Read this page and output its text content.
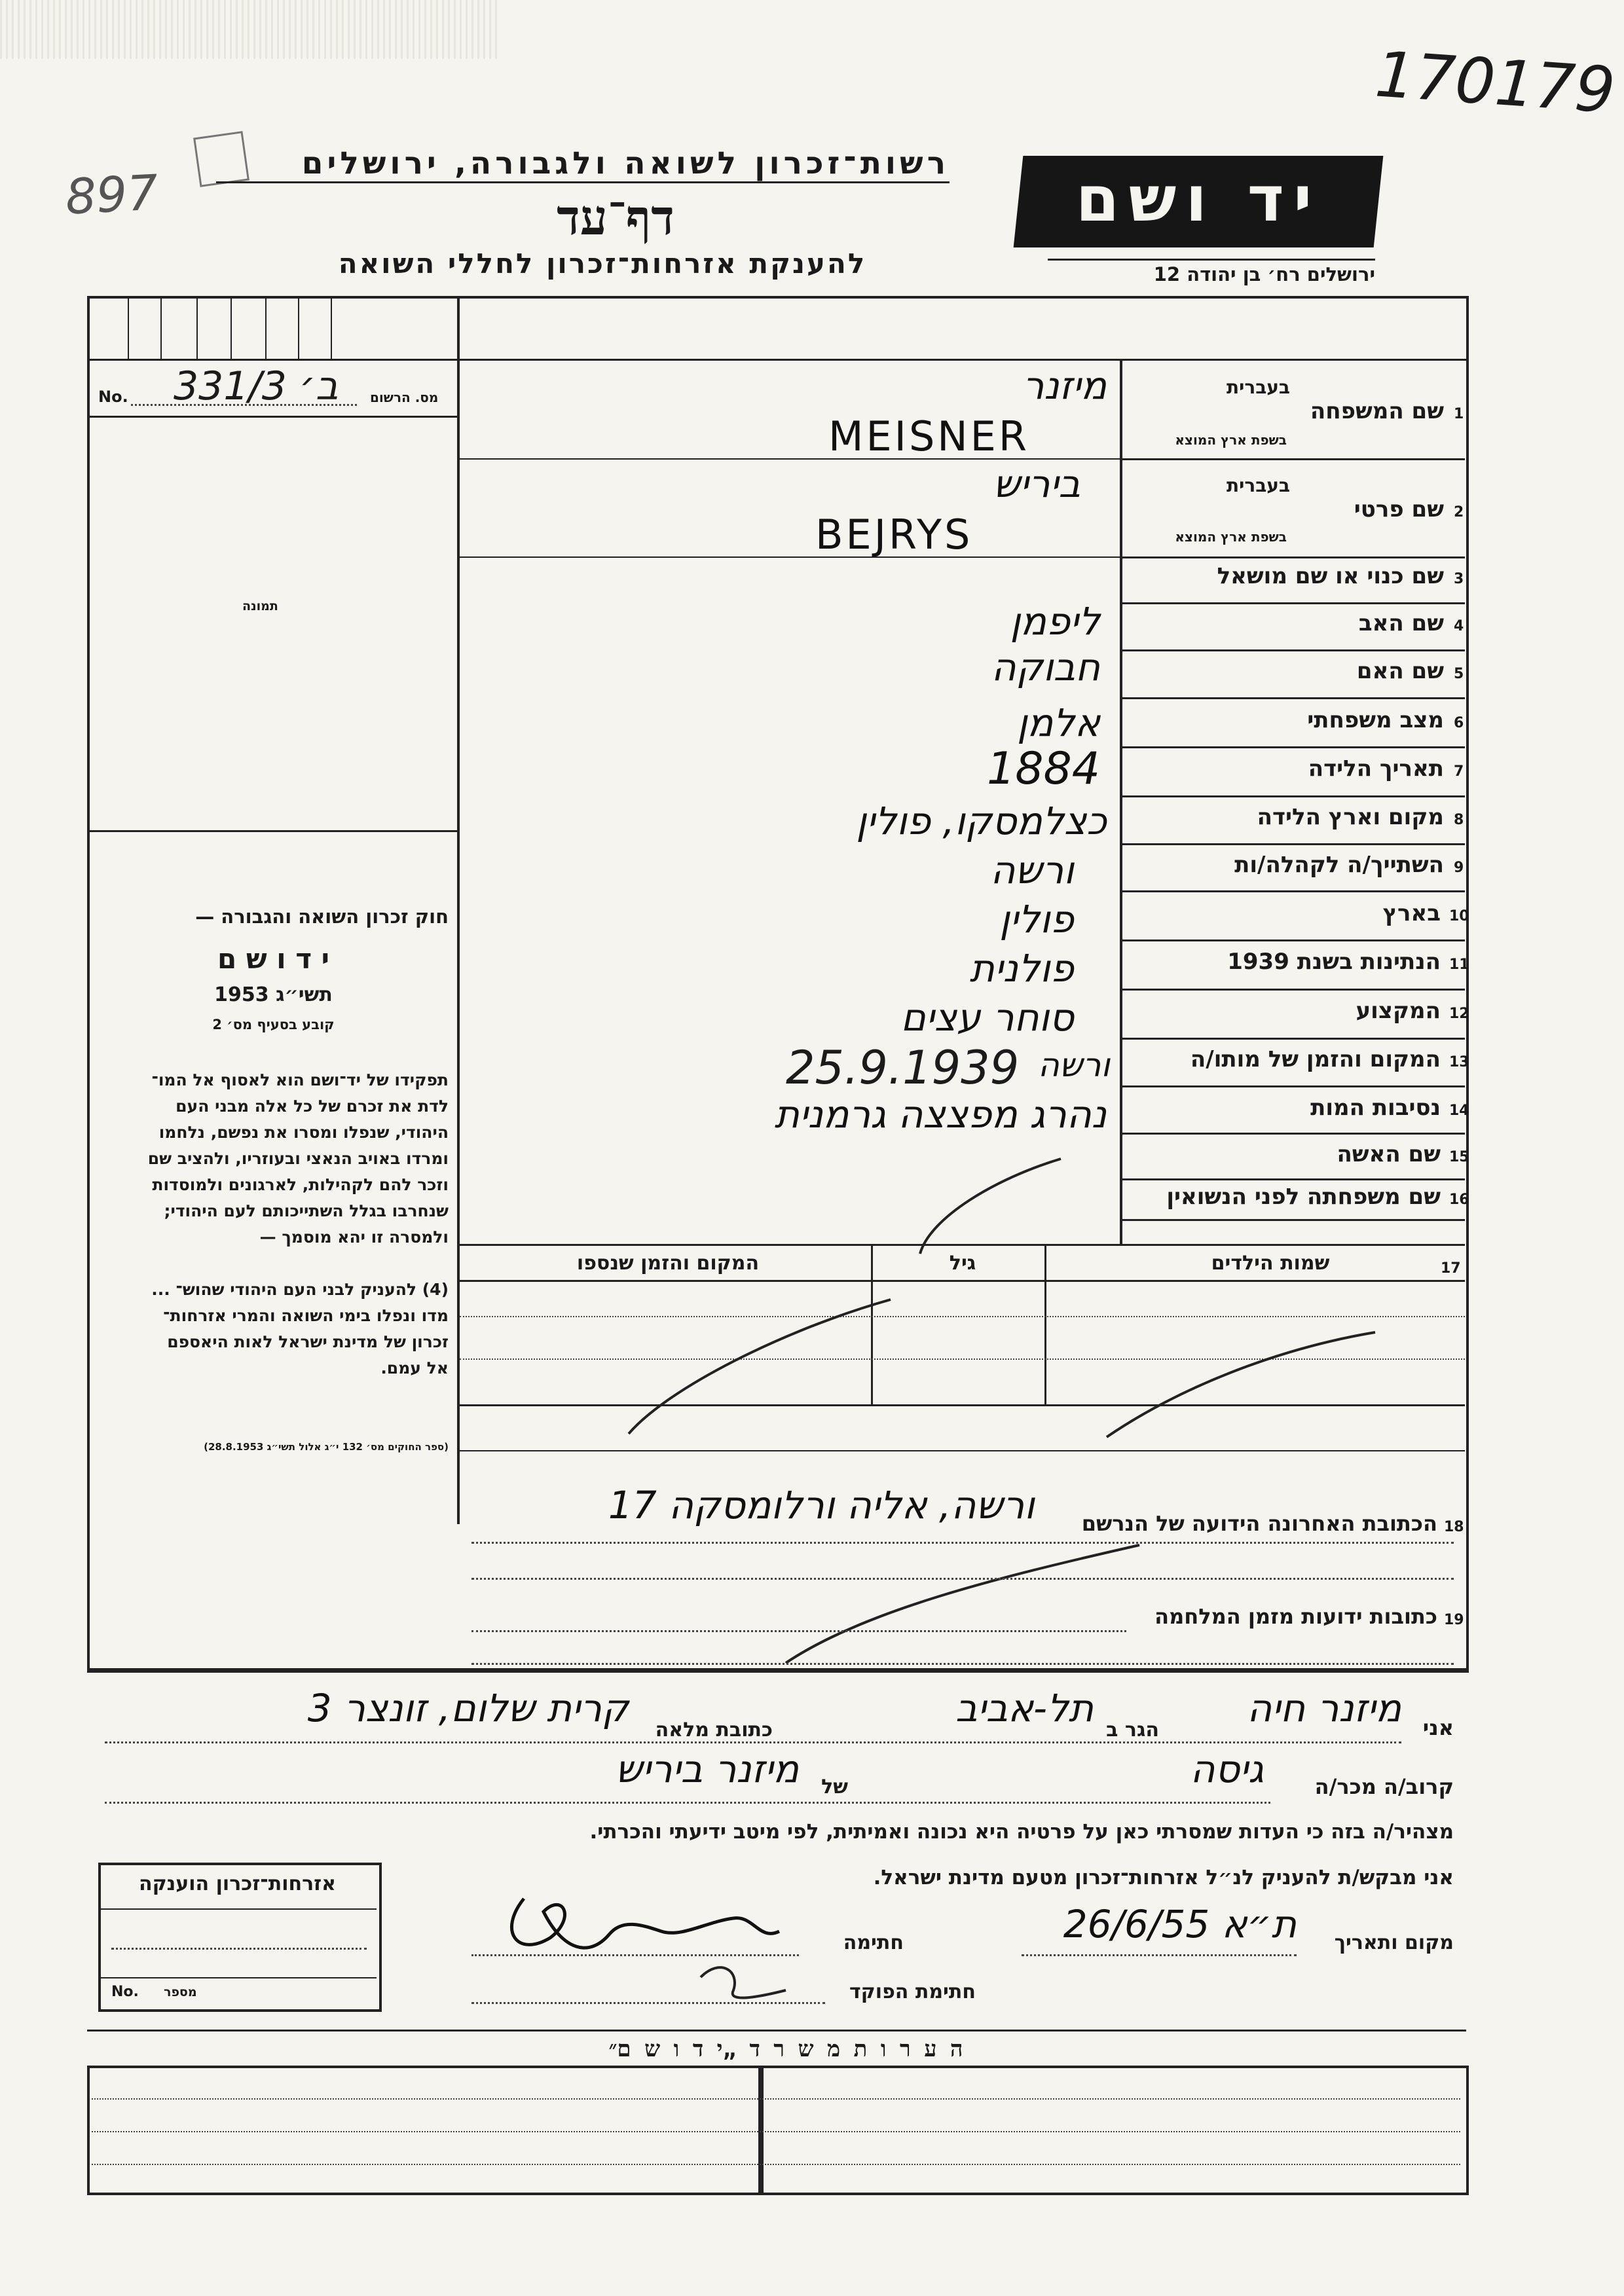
170179
897
רשות־זכרון לשואה ולגבורה, ירושלים
דף־עד
להענקת אזרחות־זכרון לחללי השואה
יד ושם
ירושלים רח׳ בן יהודה 12
מס. הרשום
No. 331/3 ב׳
תמונה
1
שם המשפחה
בעברית
בשפת ארץ המוצא
מיזנר
MEISNER
2
שם פרטי
בעברית
בשפת ארץ המוצא
ביריש
BEJRYS
3
שם כנוי או שם מושאל
4
שם האב
ליפמן
5
שם האם
חבוקה
6
מצב משפחתי
אלמן
7
תאריך הלידה
1884
8
מקום וארץ הלידה
כצלמסקו, פולין
9
השתייך/ה לקהלה/ות
ורשה
10
בארץ
פולין
11
הנתינות בשנת 1939
פולנית
12
המקצוע
סוחר עצים
13
המקום והזמן של מותו/ה
ורשה
25.9.1939
14
נסיבות המות
נהרג מפצצה גרמנית
15
שם האשה
16
שם משפחתה לפני הנשואין
17
שמות הילדים
גיל
המקום והזמן שנספו
18
הכתובת האחרונה הידועה של הנרשם
ורשה, אליה ורלומסקה 17
19
כתובות ידועות מזמן המלחמה
חוק זכרון השואה והגבורה —
י ד ו ש ם
תשי״ג 1953
קובע בסעיף מס׳ 2
תפקידו של יד־ושם הוא לאסוף אל המו־
לדת את זכרם של כל אלה מבני העם
היהודי, שנפלו ומסרו את נפשם, נלחמו
ומרדו באויב הנאצי ובעוזריו, ולהציב שם
וזכר להם לקהילות, לארגונים ולמוסדות
שנחרבו בגלל השתייכותם לעם היהודי;
ולמסרה זו יהא מוסמך —
(4) להעניק לבני העם היהודי שהוש־ ...
מדו ונפלו בימי השואה והמרי אזרחות־
זכרון של מדינת ישראל לאות היאספם
אל עמם.
(ספר החוקים מס׳ 132 י״ג אלול תשי״ג 28.8.1953)
אני
מיזנר חיה
הגר ב
תל-אביב
כתובת מלאה
קרית שלום, זונצר 3
קרוב/ה מכר/ה
גיסה
של
מיזנר ביריש
מצהיר/ה בזה כי העדות שמסרתי כאן על פרטיה היא נכונה ואמיתית, לפי מיטב ידיעתי והכרתי.
אני מבקש/ת להעניק לנ״ל אזרחות־זכרון מטעם מדינת ישראל.
מקום ותאריך
ת״א 26/6/55
חתימה
חתימת הפוקד
אזרחות־זכרון הוענקה
No. מספר
ה ע ר ו ת מ ש ר ד „י ד ו ש ם״
